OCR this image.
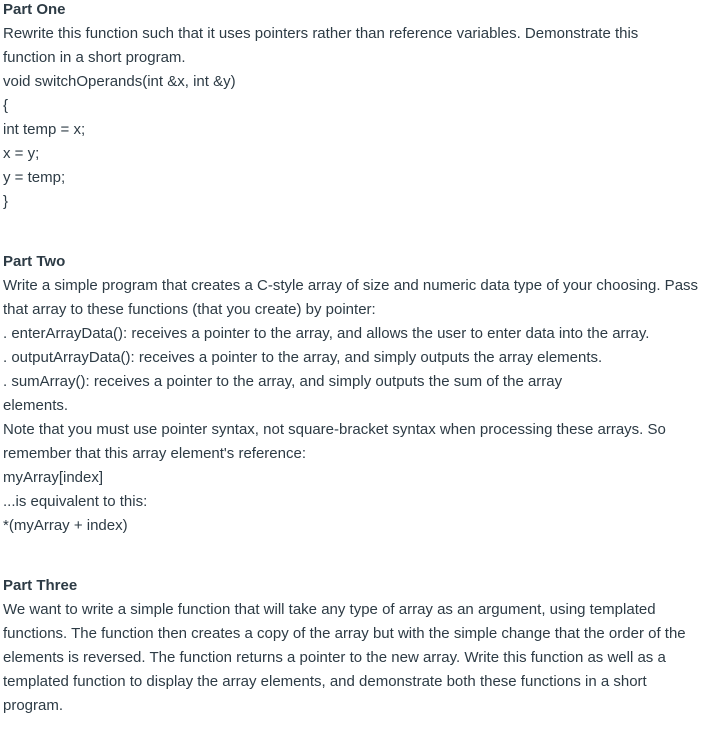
Part One
Rewrite this function such that it uses pointers rather than reference variables. Demonstrate this function in a short program.
void switchOperands(int &x, int &y)
{
int temp = x;
x = y;
y = temp;
}
Part Two
Write a simple program that creates a C-style array of size and numeric data type of your choosing. Pass that array to these functions (that you create) by pointer:
. enterArrayData(): receives a pointer to the array, and allows the user to enter data into the array.
. outputArrayData(): receives a pointer to the array, and simply outputs the array elements.
. sumArray(): receives a pointer to the array, and simply outputs the sum of the array elements.
Note that you must use pointer syntax, not square-bracket syntax when processing these arrays. So remember that this array element's reference:
myArray[index]
...is equivalent to this:
*(myArray + index)
Part Three
We want to write a simple function that will take any type of array as an argument, using templated functions. The function then creates a copy of the array but with the simple change that the order of the elements is reversed. The function returns a pointer to the new array. Write this function as well as a templated function to display the array elements, and demonstrate both these functions in a short program.
